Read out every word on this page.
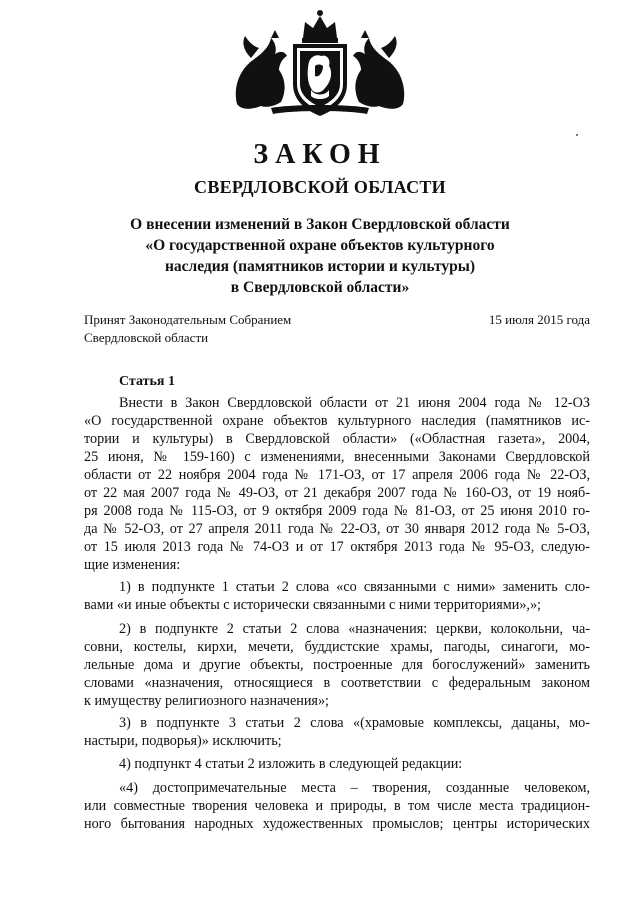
ЗАКОН
СВЕРДЛОВСКОЙ ОБЛАСТИ
О внесении изменений в Закон Свердловской области
«О государственной охране объектов культурного
наследия (памятников истории и культуры)
в Свердловской области»
Принят Законодательным Собранием
Свердловской области
15 июля 2015 года
Статья 1
Внести в Закон Свердловской области от 21 июня 2004 года № 12-ОЗ
«О государственной охране объектов культурного наследия (памятников ис-
тории и культуры) в Свердловской области» («Областная газета», 2004,
25 июня, № 159-160) с изменениями, внесенными Законами Свердловской
области от 22 ноября 2004 года № 171-ОЗ, от 17 апреля 2006 года № 22-ОЗ,
от 22 мая 2007 года № 49-ОЗ, от 21 декабря 2007 года № 160-ОЗ, от 19 нояб-
ря 2008 года № 115-ОЗ, от 9 октября 2009 года № 81-ОЗ, от 25 июня 2010 го-
да № 52-ОЗ, от 27 апреля 2011 года № 22-ОЗ, от 30 января 2012 года № 5-ОЗ,
от 15 июля 2013 года № 74-ОЗ и от 17 октября 2013 года № 95-ОЗ, следую-
щие изменения:
1) в подпункте 1 статьи 2 слова «со связанными с ними» заменить сло-
вами «и иные объекты с исторически связанными с ними территориями»,»;
2) в подпункте 2 статьи 2 слова «назначения: церкви, колокольни, ча-
совни, костелы, кирхи, мечети, буддистские храмы, пагоды, синагоги, мо-
лельные дома и другие объекты, построенные для богослужений» заменить
словами «назначения, относящиеся в соответствии с федеральным законом
к имуществу религиозного назначения»;
3) в подпункте 3 статьи 2 слова «(храмовые комплексы, дацаны, мо-
настыри, подворья)» исключить;
4) подпункт 4 статьи 2 изложить в следующей редакции:
«4) достопримечательные места – творения, созданные человеком,
или совместные творения человека и природы, в том числе места традицион-
ного бытования народных художественных промыслов; центры исторических
